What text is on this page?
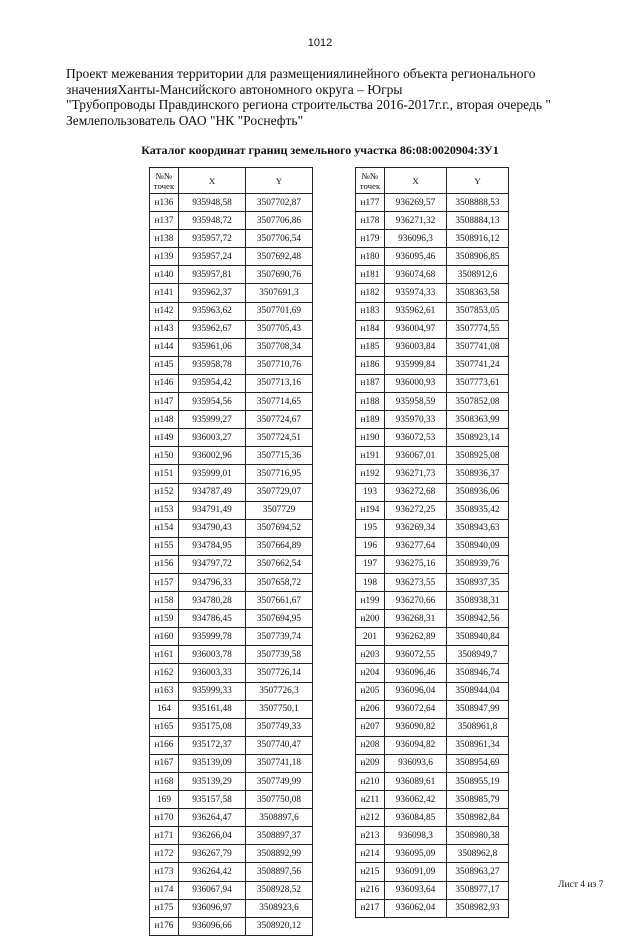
1012
Проект межевания территории для размещениялинейного объекта регионального
значенияХанты-Мансийского автономного округа – Югры
"Трубопроводы Правдинского региона строительства 2016-2017г.г., вторая очередь "
Землепользователь ОАО "НК "Роснефть"
Каталог координат границ земельного участка 86:08:0020904:ЗУ1
№№
точек	X	Y
н136	935948,58	3507702,87
н137	935948,72	3507706,86
н138	935957,72	3507706,54
н139	935957,24	3507692,48
н140	935957,81	3507690,76
н141	935962,37	3507691,3
н142	935963,62	3507701,69
н143	935962,67	3507705,43
н144	935961,06	3507708,34
н145	935958,78	3507710,76
н146	935954,42	3507713,16
н147	935954,56	3507714,65
н148	935999,27	3507724,67
н149	936003,27	3507724,51
н150	936002,96	3507715,36
н151	935999,01	3507716,95
н152	934787,49	3507729,07
н153	934791,49	3507729
н154	934790,43	3507694,52
н155	934784,95	3507664,89
н156	934797,72	3507662,54
н157	934796,33	3507658,72
н158	934780,28	3507661,67
н159	934786,45	3507694,95
н160	935999,78	3507739,74
н161	936003,78	3507739,58
н162	936003,33	3507726,14
н163	935999,33	3507726,3
164	935161,48	3507750,1
н165	935175,08	3507749,33
н166	935172,37	3507740,47
н167	935139,09	3507741,18
н168	935139,29	3507749,99
169	935157,58	3507750,08
н170	936264,47	3508897,6
н171	936266,04	3508897,37
н172	936267,79	3508892,99
н173	936264,42	3508897,56
н174	936067,94	3508928,52
н175	936096,97	3508923,6
н176	936096,66	3508920,12
№№
точек	X	Y
н177	936269,57	3508888,53
н178	936271,32	3508884,13
н179	936096,3	3508916,12
н180	936095,46	3508906,85
н181	936074,68	3508912,6
н182	935974,33	3508363,58
н183	935962,61	3507853,05
н184	936004,97	3507774,55
н185	936003,84	3507741,08
н186	935999,84	3507741,24
н187	936000,93	3507773,61
н188	935958,59	3507852,08
н189	935970,33	3508363,99
н190	936072,53	3508923,14
н191	936067,01	3508925,08
н192	936271,73	3508936,37
193	936272,68	3508936,06
н194	936272,25	3508935,42
195	936269,34	3508943,63
196	936277,64	3508940,09
197	936275,16	3508939,76
198	936273,55	3508937,35
н199	936270,66	3508938,31
н200	936268,31	3508942,56
201	936262,89	3508940,84
н203	936072,55	3508949,7
н204	936096,46	3508946,74
н205	936096,04	3508944,04
н206	936072,64	3508947,99
н207	936090,82	3508961,8
н208	936094,82	3508961,34
н209	936093,6	3508954,69
н210	936089,61	3508955,19
н211	936062,42	3508985,79
н212	936084,85	3508982,84
н213	936098,3	3508980,38
н214	936095,09	3508962,8
н215	936091,09	3508963,27
н216	936093,64	3508977,17
н217	936062,04	3508982,93
Лист 4 из 7
